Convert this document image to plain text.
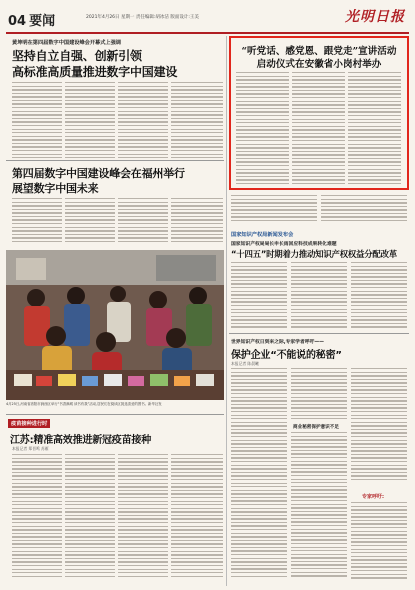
04 要闻	2021年4月26日 星期一 责任编辑:胡冰洁 版面设计:王美	光明日报
黄坤明在第四届数字中国建设峰会开幕式上强调
坚持自立自强、创新引领
高标准高质量推进数字中国建设
“听党话、感党恩、跟党走”宣讲活动
启动仪式在安徽省小岗村举办
第四届数字中国建设峰会在福州举行
展望数字中国未来
4月25日,河南省洛阳市涧西区举行“书香满城 读书有我”活动,居民们在阅读区挑选喜爱的图书。新华社发
国家知识产权局新闻发布会
国家知识产权局局长申长雨回应科技成果转化难题
“十四五”时期着力推动知识产权权益分配改革
世界知识产权日到来之际,专家学者呼吁——
保护企业“不能说的秘密”
本报记者 陈晨曦
商业秘密保护意识不足
专家呼吁:
疫苗接种进行时
江苏:精准高效推进新冠疫苗接种
本报记者 郑晋鸣 苏雁
